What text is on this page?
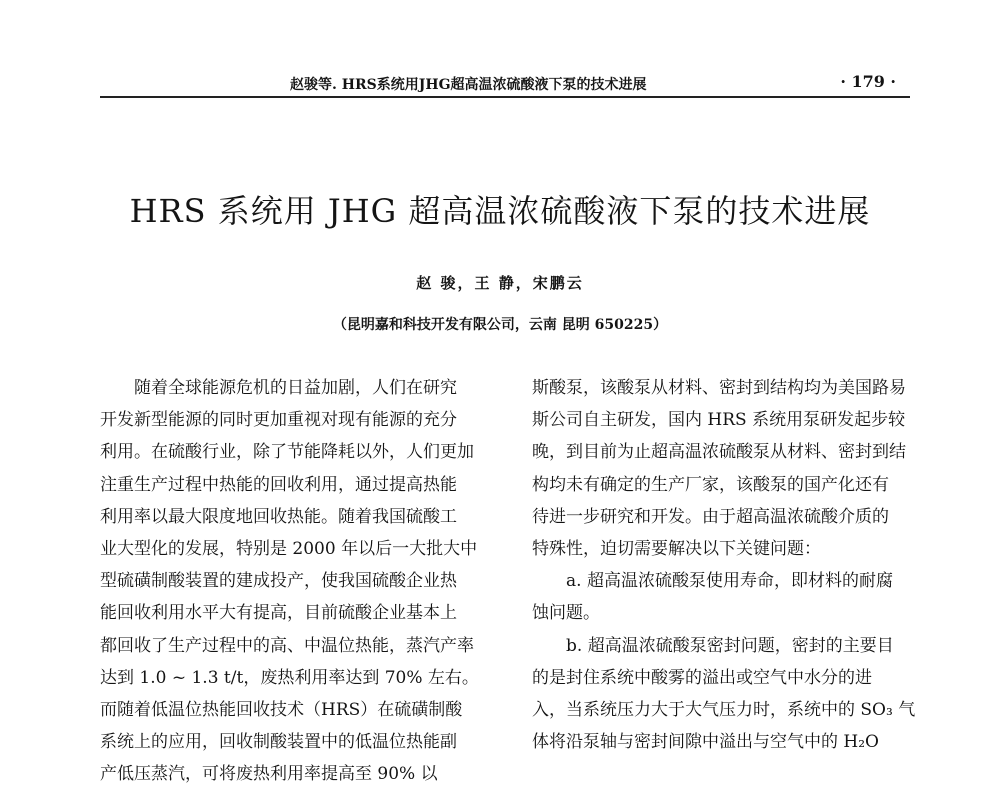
赵骏等. HRS系统用JHG超高温浓硫酸液下泵的技术进展	· 179 ·
HRS 系统用 JHG 超高温浓硫酸液下泵的技术进展
赵 骏，王 静，宋鹏云
（昆明嘉和科技开发有限公司，云南 昆明 650225）
随着全球能源危机的日益加剧，人们在研究
开发新型能源的同时更加重视对现有能源的充分
利用。在硫酸行业，除了节能降耗以外，人们更加
注重生产过程中热能的回收利用，通过提高热能
利用率以最大限度地回收热能。随着我国硫酸工
业大型化的发展，特别是 2000 年以后一大批大中
型硫磺制酸装置的建成投产，使我国硫酸企业热
能回收利用水平大有提高，目前硫酸企业基本上
都回收了生产过程中的高、中温位热能，蒸汽产率
达到 1.0 ~ 1.3 t/t，废热利用率达到 70% 左右。
而随着低温位热能回收技术（HRS）在硫磺制酸
系统上的应用，回收制酸装置中的低温位热能副
产低压蒸汽，可将废热利用率提高至 90% 以
斯酸泵，该酸泵从材料、密封到结构均为美国路易
斯公司自主研发，国内 HRS 系统用泵研发起步较
晚，到目前为止超高温浓硫酸泵从材料、密封到结
构均未有确定的生产厂家，该酸泵的国产化还有
待进一步研究和开发。由于超高温浓硫酸介质的
特殊性，迫切需要解决以下关键问题：
a. 超高温浓硫酸泵使用寿命，即材料的耐腐
蚀问题。
b. 超高温浓硫酸泵密封问题，密封的主要目
的是封住系统中酸雾的溢出或空气中水分的进
入，当系统压力大于大气压力时，系统中的 SO₃ 气
体将沿泵轴与密封间隙中溢出与空气中的 H₂O
